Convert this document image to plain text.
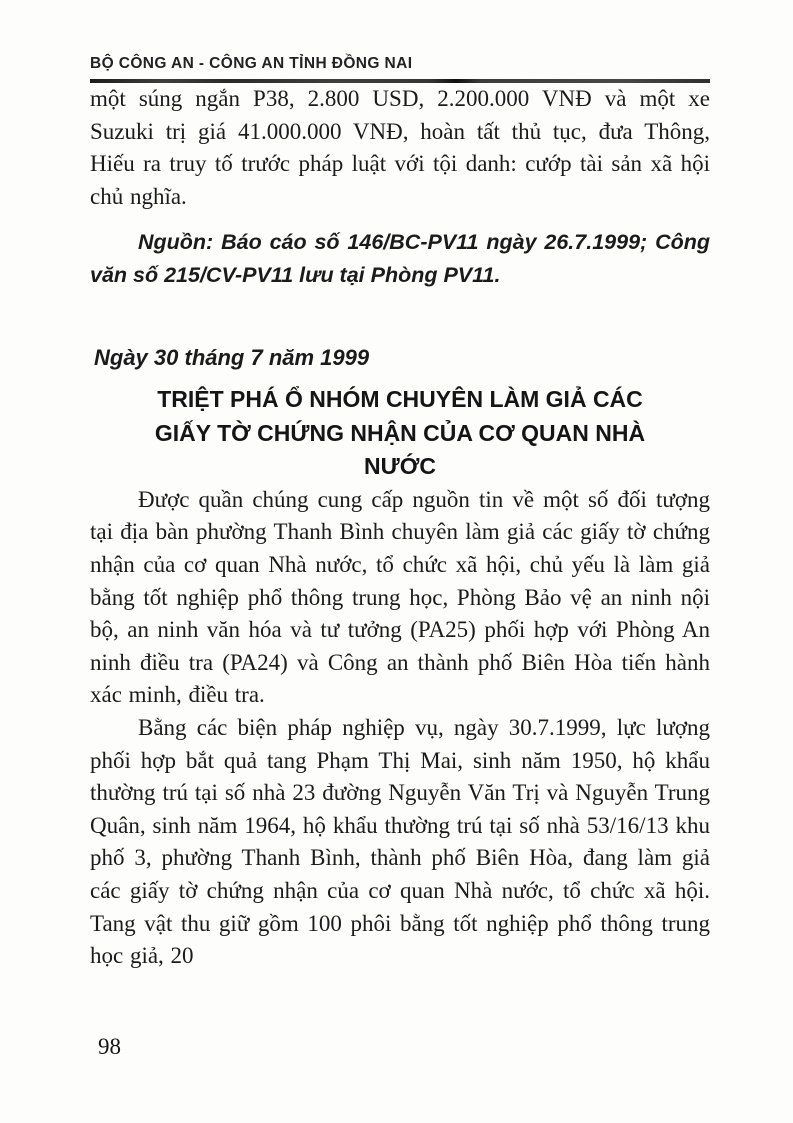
BỘ CÔNG AN - CÔNG AN TỈNH ĐỒNG NAI

một súng ngắn P38, 2.800 USD, 2.200.000 VNĐ và một xe Suzuki trị giá 41.000.000 VNĐ, hoàn tất thủ tục, đưa Thông, Hiếu ra truy tố trước pháp luật với tội danh: cướp tài sản xã hội chủ nghĩa.

Nguồn: Báo cáo số 146/BC-PV11 ngày 26.7.1999; Công văn số 215/CV-PV11 lưu tại Phòng PV11.

Ngày 30 tháng 7 năm 1999
TRIỆT PHÁ Ổ NHÓM CHUYÊN LÀM GIẢ CÁC GIẤY TỜ CHỨNG NHẬN CỦA CƠ QUAN NHÀ NƯỚC

Được quần chúng cung cấp nguồn tin về một số đối tượng tại địa bàn phường Thanh Bình chuyên làm giả các giấy tờ chứng nhận của cơ quan Nhà nước, tổ chức xã hội, chủ yếu là làm giả bằng tốt nghiệp phổ thông trung học, Phòng Bảo vệ an ninh nội bộ, an ninh văn hóa và tư tưởng (PA25) phối hợp với Phòng An ninh điều tra (PA24) và Công an thành phố Biên Hòa tiến hành xác minh, điều tra.

Bằng các biện pháp nghiệp vụ, ngày 30.7.1999, lực lượng phối hợp bắt quả tang Phạm Thị Mai, sinh năm 1950, hộ khẩu thường trú tại số nhà 23 đường Nguyễn Văn Trị và Nguyễn Trung Quân, sinh năm 1964, hộ khẩu thường trú tại số nhà 53/16/13 khu phố 3, phường Thanh Bình, thành phố Biên Hòa, đang làm giả các giấy tờ chứng nhận của cơ quan Nhà nước, tổ chức xã hội. Tang vật thu giữ gồm 100 phôi bằng tốt nghiệp phổ thông trung học giả, 20

98
